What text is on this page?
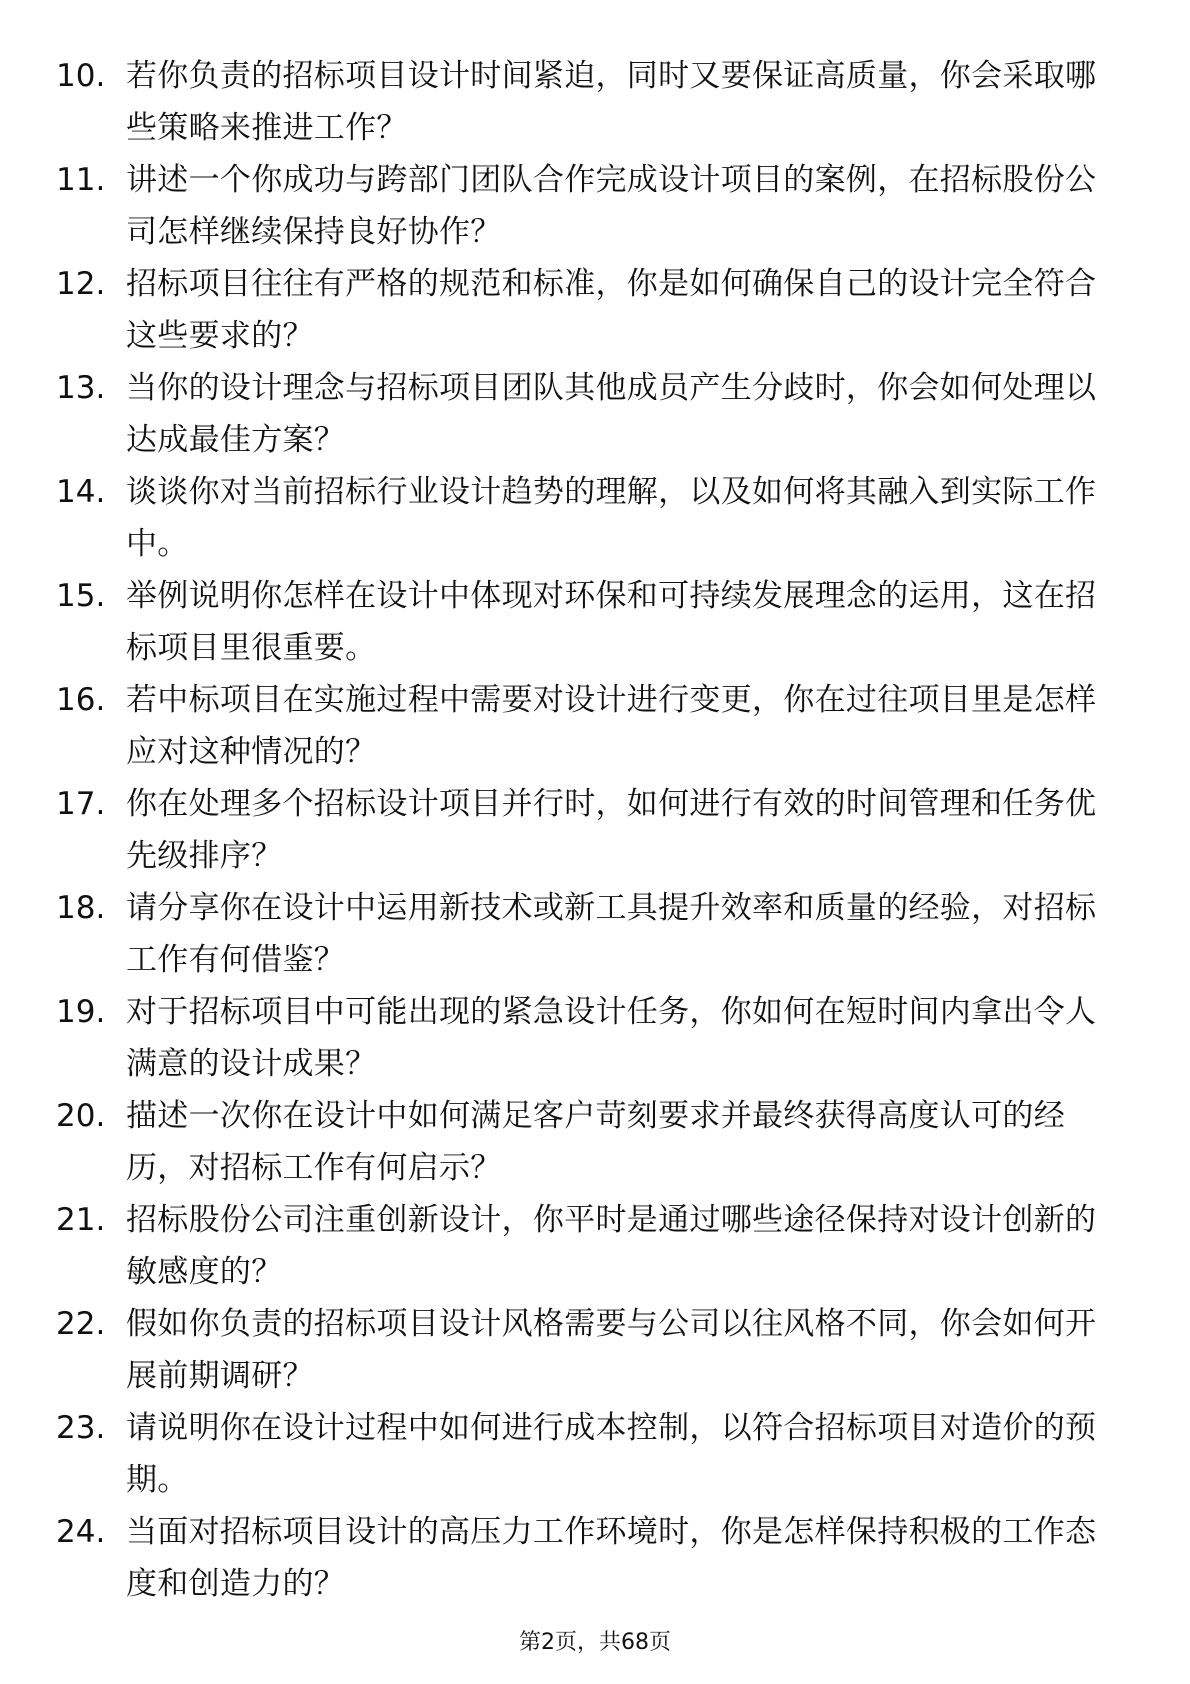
10. 若你负责的招标项目设计时间紧迫，同时又要保证高质量，你会采取哪些策略来推进工作？
11. 讲述一个你成功与跨部门团队合作完成设计项目的案例，在招标股份公司怎样继续保持良好协作？
12. 招标项目往往有严格的规范和标准，你是如何确保自己的设计完全符合这些要求的？
13. 当你的设计理念与招标项目团队其他成员产生分歧时，你会如何处理以达成最佳方案？
14. 谈谈你对当前招标行业设计趋势的理解，以及如何将其融入到实际工作中。
15. 举例说明你怎样在设计中体现对环保和可持续发展理念的运用，这在招标项目里很重要。
16. 若中标项目在实施过程中需要对设计进行变更，你在过往项目里是怎样应对这种情况的？
17. 你在处理多个招标设计项目并行时，如何进行有效的时间管理和任务优先级排序？
18. 请分享你在设计中运用新技术或新工具提升效率和质量的经验，对招标工作有何借鉴？
19. 对于招标项目中可能出现的紧急设计任务，你如何在短时间内拿出令人满意的设计成果？
20. 描述一次你在设计中如何满足客户苛刻要求并最终获得高度认可的经历，对招标工作有何启示？
21. 招标股份公司注重创新设计，你平时是通过哪些途径保持对设计创新的敏感度的？
22. 假如你负责的招标项目设计风格需要与公司以往风格不同，你会如何开展前期调研？
23. 请说明你在设计过程中如何进行成本控制，以符合招标项目对造价的预期。
24. 当面对招标项目设计的高压力工作环境时，你是怎样保持积极的工作态度和创造力的？
第2页，共68页
